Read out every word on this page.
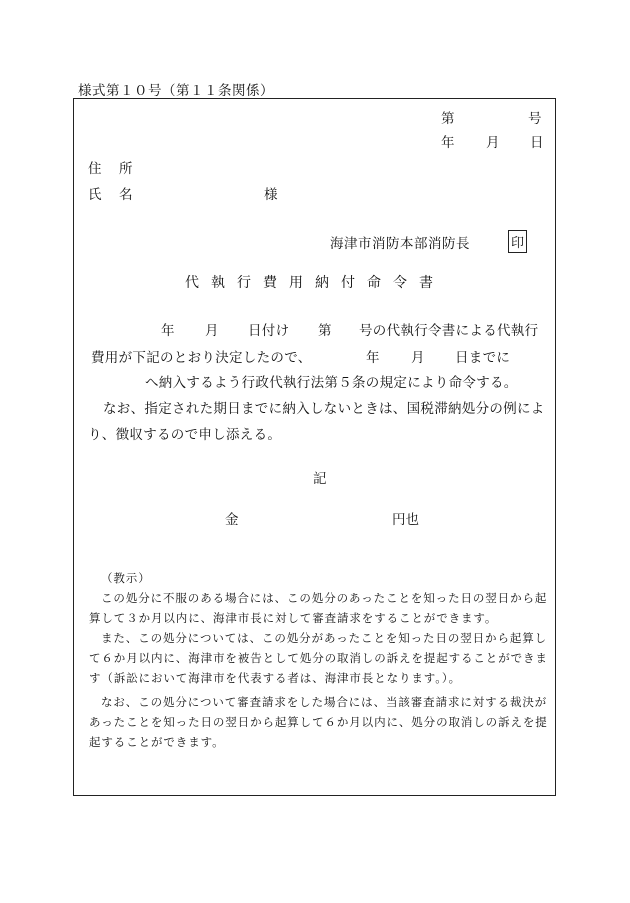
様式第１０号（第１１条関係）
第	号
年 月 日
住　所
氏　名	様
海津市消防本部消防長	印
代執行費用納付命令書
年 月 日付け 第 号の代執行令書による代執行
費用が下記のとおり決定したので、	年 月 日までに
へ納入するよう行政代執行法第５条の規定により命令する。
なお、指定された期日までに納入しないときは、国税滞納処分の例によ
り、徴収するので申し添える。
記
金	円也
（教示）
この処分に不服のある場合には、この処分のあったことを知った日の翌日から起
算して３か月以内に、海津市長に対して審査請求をすることができます。
また、この処分については、この処分があったことを知った日の翌日から起算し
て６か月以内に、海津市を被告として処分の取消しの訴えを提起することができま
す（訴訟において海津市を代表する者は、海津市長となります。）。
なお、この処分について審査請求をした場合には、当該審査請求に対する裁決が
あったことを知った日の翌日から起算して６か月以内に、処分の取消しの訴えを提
起することができます。
